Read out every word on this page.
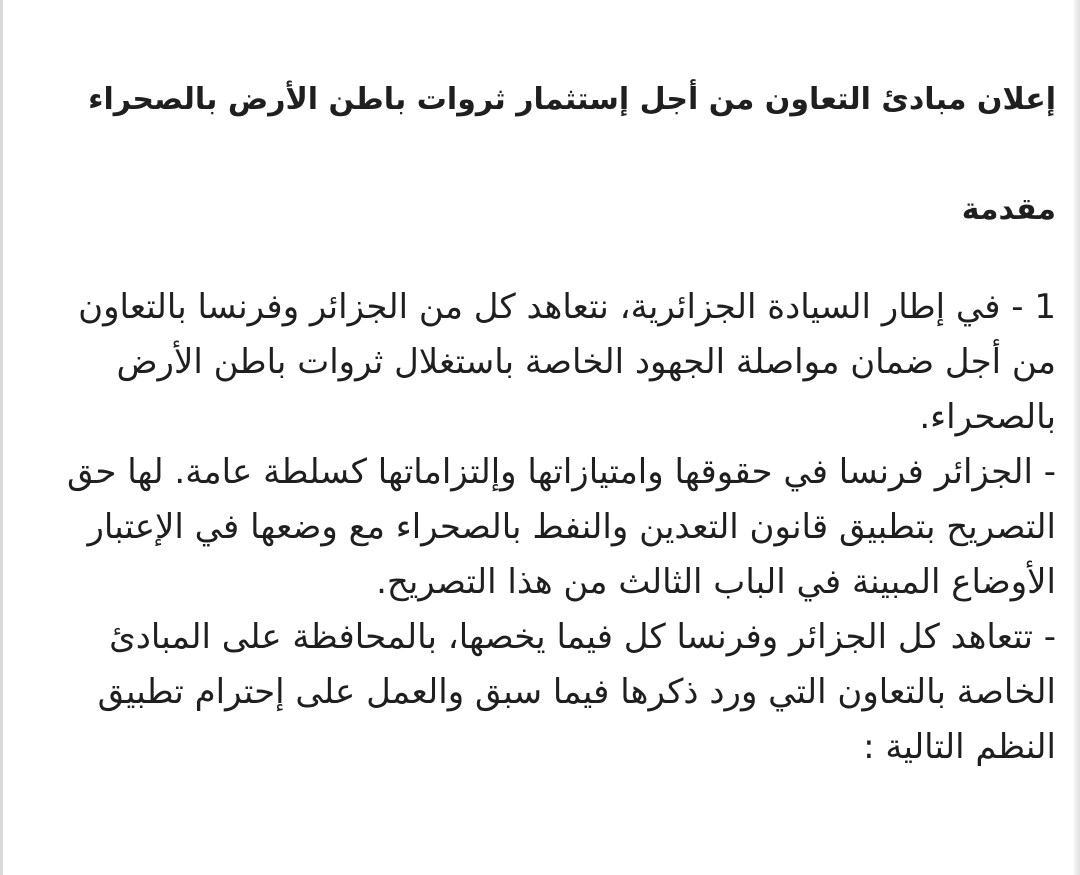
إعلان مبادئ التعاون من أجل إستثمار ثروات باطن الأرض بالصحراء
مقدمة

1 - في إطار السيادة الجزائرية، نتعاهد كل من الجزائر وفرنسا بالتعاون من أجل ضمان مواصلة الجهود الخاصة باستغلال ثروات باطن الأرض بالصحراء.

- الجزائر فرنسا في حقوقها وامتيازاتها وإلتزاماتها كسلطة عامة. لها حق التصريح بتطبيق قانون التعدين والنفط بالصحراء مع وضعها في الإعتبار الأوضاع المبينة في الباب الثالث من هذا التصريح.

- تتعاهد كل الجزائر وفرنسا كل فيما يخصها، بالمحافظة على المبادئ الخاصة بالتعاون التي ورد ذكرها فيما سبق والعمل على إحترام تطبيق النظم التالية :
